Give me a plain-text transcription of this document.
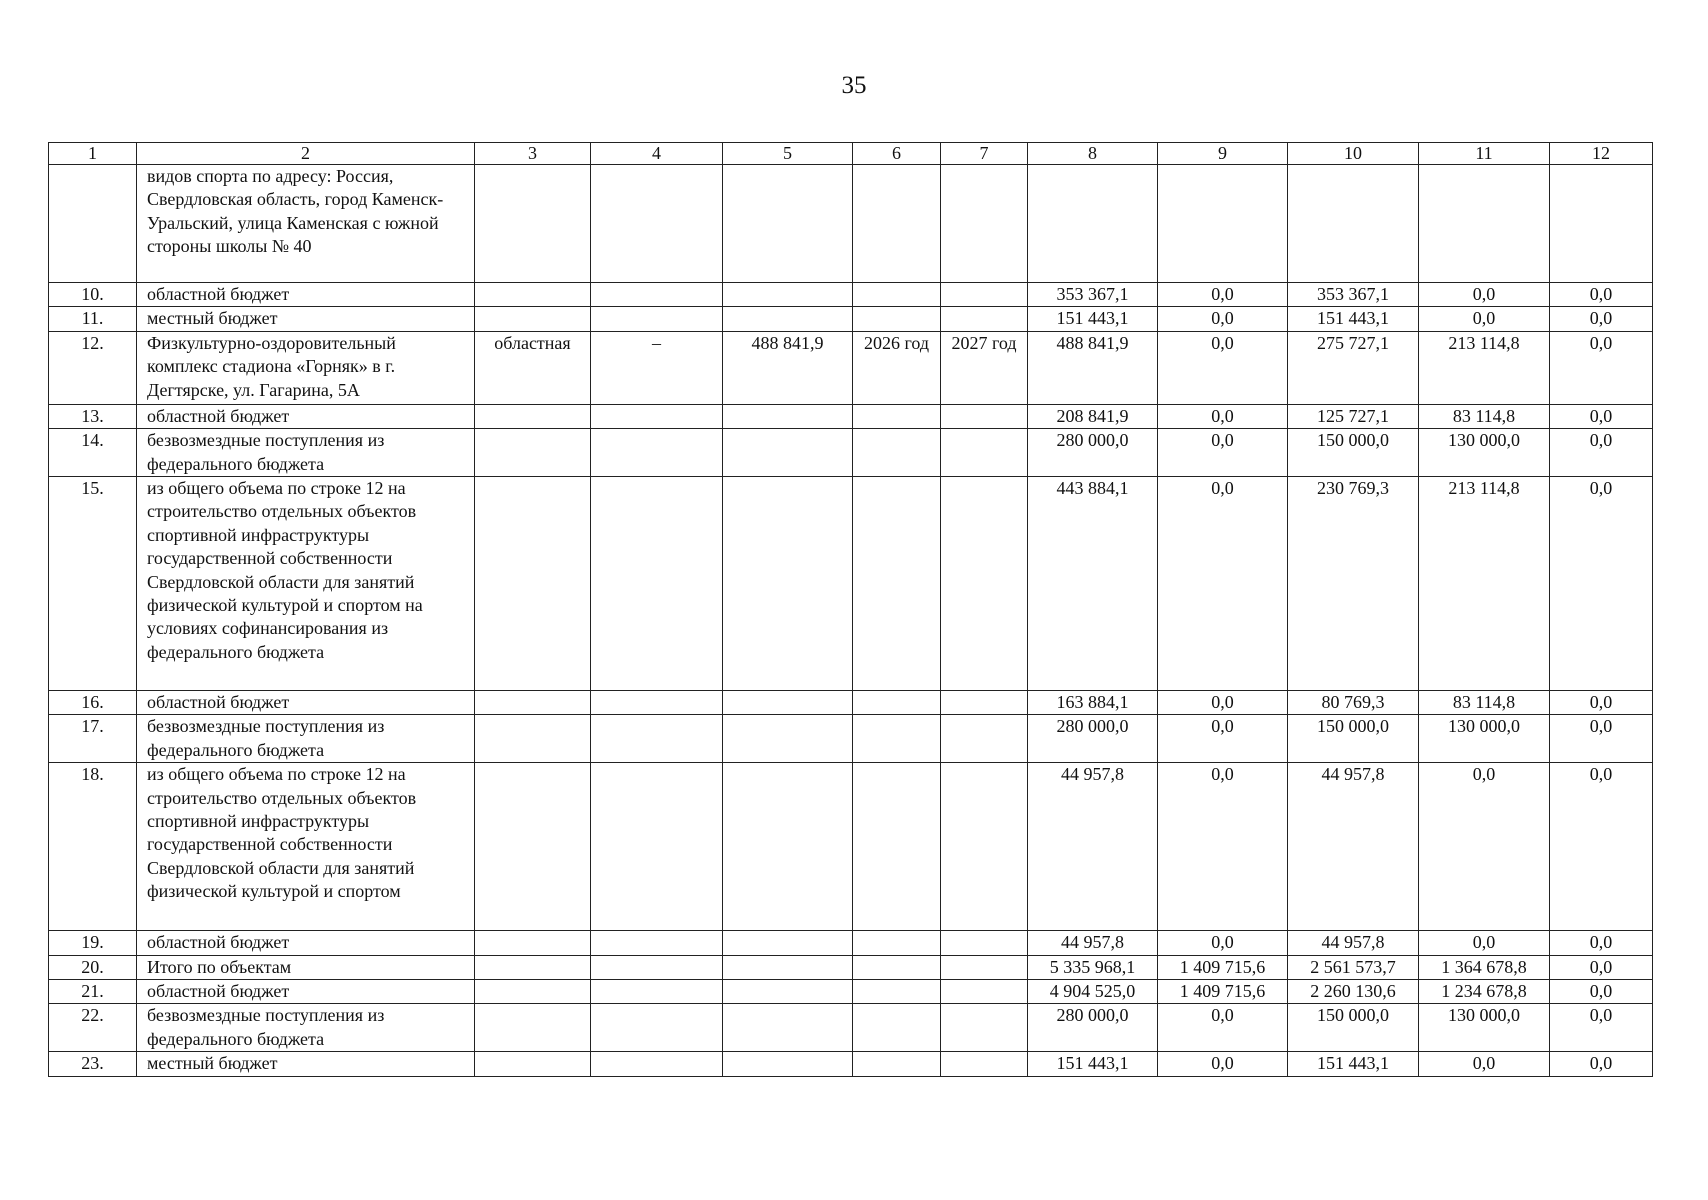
35
1	2	3	4	5	6	7	8	9	10	11	12
	видов спорта по адресу: Россия, Свердловская область, город Каменск-Уральский, улица Каменская с южной стороны школы № 40										
10.	областной бюджет						353 367,1	0,0	353 367,1	0,0	0,0
11.	местный бюджет						151 443,1	0,0	151 443,1	0,0	0,0
12.	Физкультурно-оздоровительный комплекс стадиона «Горняк» в г. Дегтярске, ул. Гагарина, 5А	областная	–	488 841,9	2026 год	2027 год	488 841,9	0,0	275 727,1	213 114,8	0,0
13.	областной бюджет						208 841,9	0,0	125 727,1	83 114,8	0,0
14.	безвозмездные поступления из федерального бюджета						280 000,0	0,0	150 000,0	130 000,0	0,0
15.	из общего объема по строке 12 на строительство отдельных объектов спортивной инфраструктуры государственной собственности Свердловской области для занятий физической культурой и спортом на условиях софинансирования из федерального бюджета						443 884,1	0,0	230 769,3	213 114,8	0,0
16.	областной бюджет						163 884,1	0,0	80 769,3	83 114,8	0,0
17.	безвозмездные поступления из федерального бюджета						280 000,0	0,0	150 000,0	130 000,0	0,0
18.	из общего объема по строке 12 на строительство отдельных объектов спортивной инфраструктуры государственной собственности Свердловской области для занятий физической культурой и спортом						44 957,8	0,0	44 957,8	0,0	0,0
19.	областной бюджет						44 957,8	0,0	44 957,8	0,0	0,0
20.	Итого по объектам						5 335 968,1	1 409 715,6	2 561 573,7	1 364 678,8	0,0
21.	областной бюджет						4 904 525,0	1 409 715,6	2 260 130,6	1 234 678,8	0,0
22.	безвозмездные поступления из федерального бюджета						280 000,0	0,0	150 000,0	130 000,0	0,0
23.	местный бюджет						151 443,1	0,0	151 443,1	0,0	0,0
